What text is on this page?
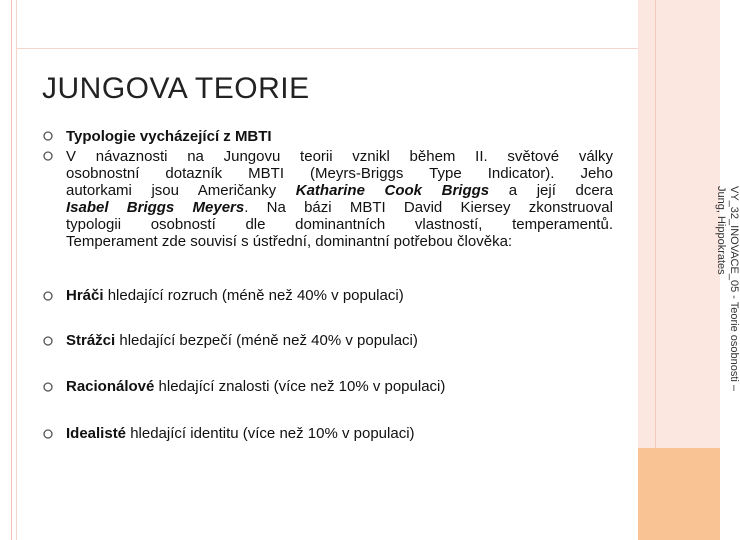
JUNGOVA TEORIE
VY_32_INOVACE_05 - Teorie osobnosti –
Jung, Hippokrates
Typologie vycházející z MBTI
V návaznosti na Jungovu teorii vznikl během II. světové války
osobnostní dotazník MBTI (Meyrs-Briggs Type Indicator). Jeho
autorkami jsou Američanky Katharine Cook Briggs a její dcera
Isabel Briggs Meyers. Na bázi MBTI David Kiersey zkonstruoval
typologii osobností dle dominantních vlastností, temperamentů.
Temperament zde souvisí s ústřední, dominantní potřebou člověka:
Hráči hledající rozruch (méně než 40% v populaci)
Strážci hledající bezpečí (méně než 40% v populaci)
Racionálové hledající znalosti (více než 10% v populaci)
Idealisté hledající identitu (více než 10% v populaci)
